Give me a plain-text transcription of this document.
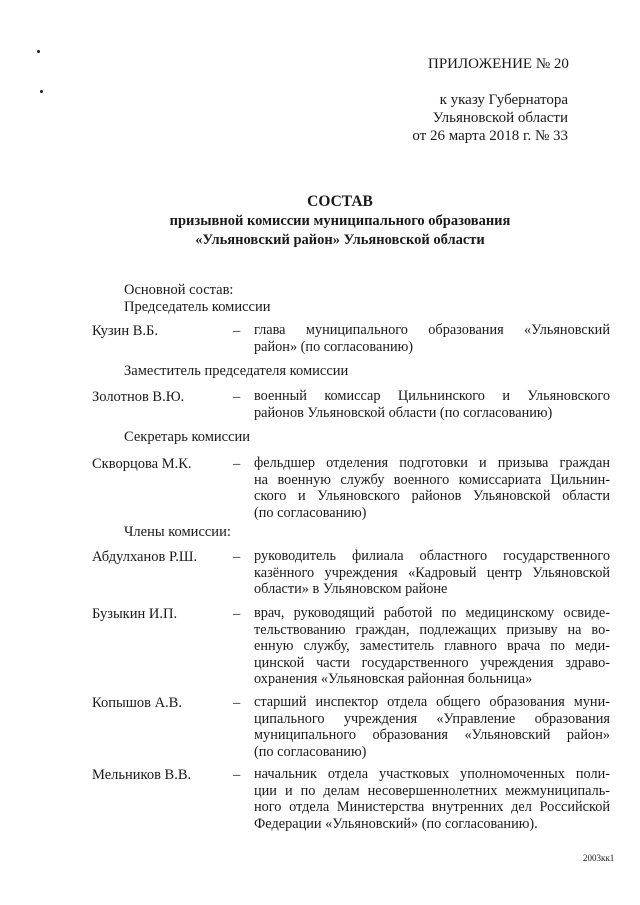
ПРИЛОЖЕНИЕ № 20
к указу Губернатора
Ульяновской области
от 26 марта 2018 г. № 33
СОСТАВ
призывной комиссии муниципального образования
«Ульяновский район» Ульяновской области
Основной состав:
Председатель комиссии
Кузин В.Б.	– глава муниципального образования «Ульяновский
район» (по согласованию)
Заместитель председателя комиссии
Золотнов В.Ю.	– военный комиссар Цильнинского и Ульяновского
районов Ульяновской области (по согласованию)
Секретарь комиссии
Скворцова М.К.	– фельдшер отделения подготовки и призыва граждан
на военную службу военного комиссариата Цильнин-
ского и Ульяновского районов Ульяновской области
(по согласованию)
Члены комиссии:
Абдулханов Р.Ш. – руководитель филиала областного государственного
казённого учреждения «Кадровый центр Ульяновской
области» в Ульяновском районе
Бузыкин И.П.	– врач, руководящий работой по медицинскому освиде-
тельствованию граждан, подлежащих призыву на во-
енную службу, заместитель главного врача по меди-
цинской части государственного учреждения здраво-
охранения «Ульяновская районная больница»
Копышов А.В.	– старший инспектор отдела общего образования муни-
ципального учреждения «Управление образования
муниципального образования «Ульяновский район»
(по согласованию)
Мельников В.В.	– начальник отдела участковых уполномоченных поли-
ции и по делам несовершеннолетних межмуниципаль-
ного отдела Министерства внутренних дел Российской
Федерации «Ульяновский» (по согласованию).
2003кк1
